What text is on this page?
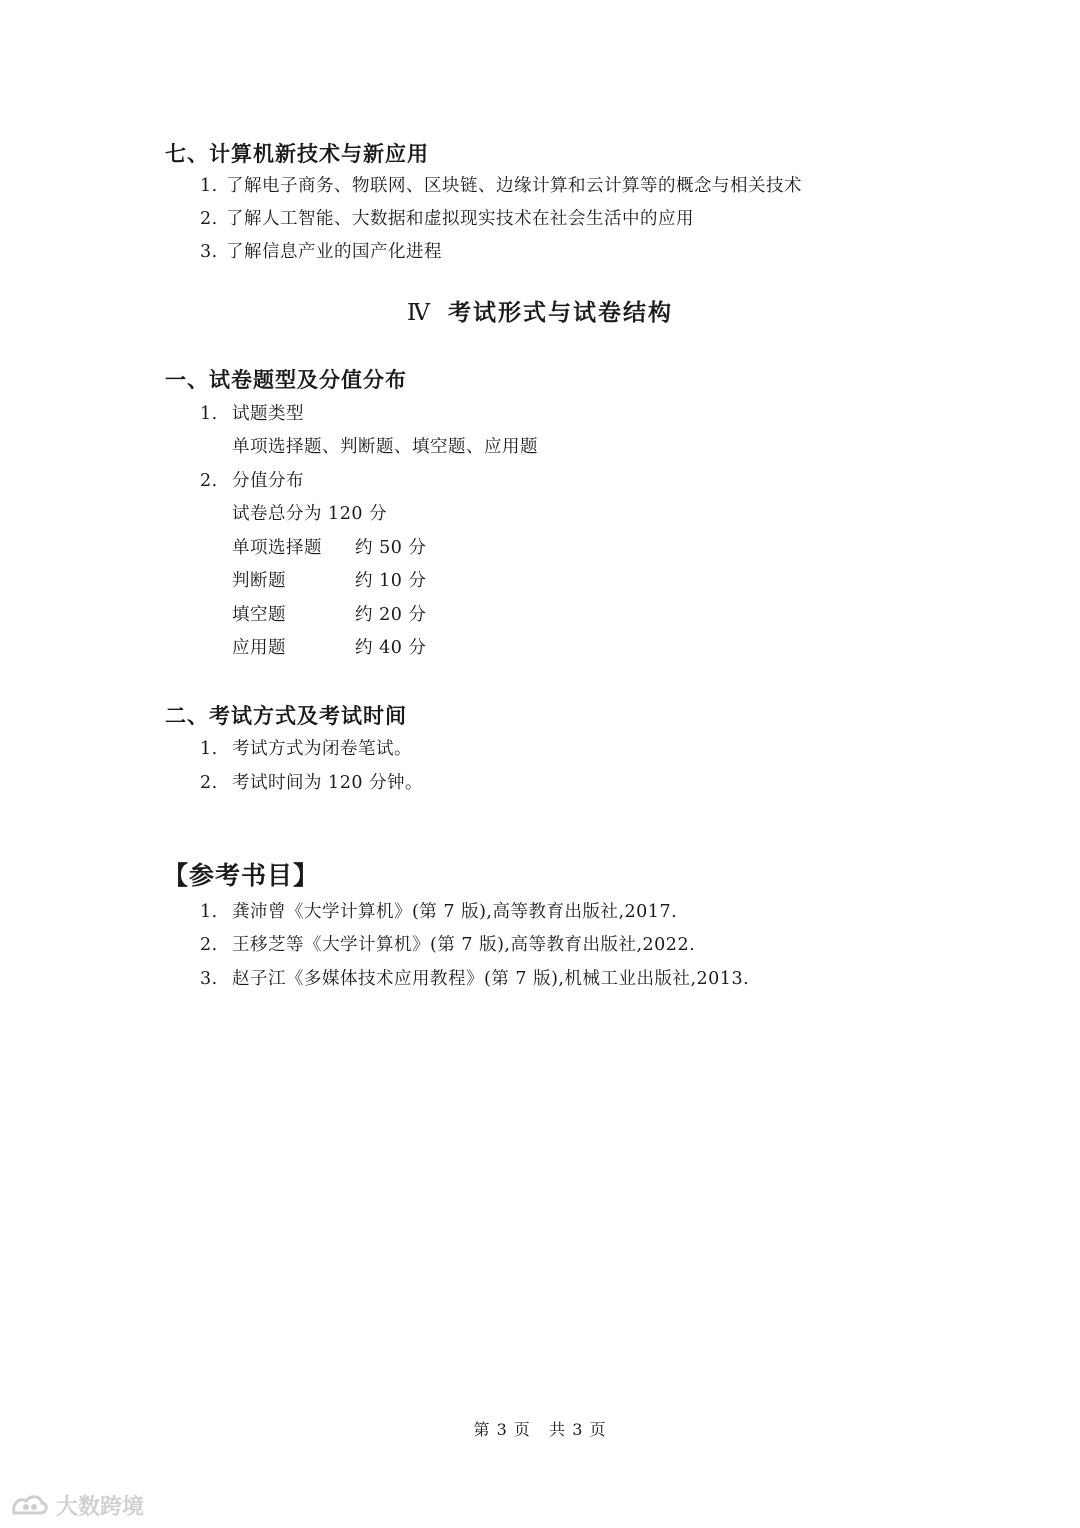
七、计算机新技术与新应用
1. 了解电子商务、物联网、区块链、边缘计算和云计算等的概念与相关技术
2. 了解人工智能、大数据和虚拟现实技术在社会生活中的应用
3. 了解信息产业的国产化进程
Ⅳ 考试形式与试卷结构
一、试卷题型及分值分布
1. 试题类型
单项选择题、判断题、填空题、应用题
2. 分值分布
试卷总分为 120 分
单项选择题 约 50 分
判断题	约 10 分
填空题	约 20 分
应用题	约 40 分
二、考试方式及考试时间
1. 考试方式为闭卷笔试。
2. 考试时间为 120 分钟。
【参考书目】
1. 龚沛曾《大学计算机》(第 7 版),高等教育出版社,2017.
2. 王移芝等《大学计算机》(第 7 版),高等教育出版社,2022.
3. 赵子江《多媒体技术应用教程》(第 7 版),机械工业出版社,2013.
第 3 页   共 3 页
大数跨境
